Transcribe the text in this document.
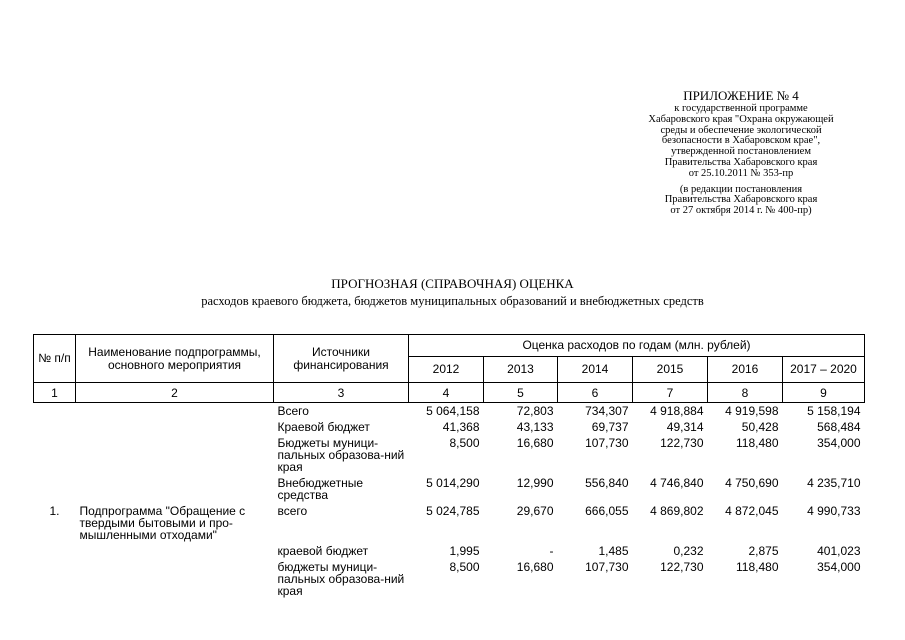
ПРИЛОЖЕНИЕ № 4
к государственной программе
Хабаровского края "Охрана окружающей
среды и обеспечение экологической
безопасности в Хабаровском крае",
утвержденной постановлением
Правительства Хабаровского края
от 25.10.2011 № 353-пр
(в редакции постановления
Правительства Хабаровского края
от 27 октября 2014 г. № 400-пр)
ПРОГНОЗНАЯ (СПРАВОЧНАЯ) ОЦЕНКА
расходов краевого бюджета, бюджетов муниципальных образований и внебюджетных средств
№ п/п	Наименование подпрограммы, основного мероприятия	Источники финансирования	Оценка расходов по годам (млн. рублей)					
			2012	2013	2014	2015	2016	2017 – 2020
1	2	3	4	5	6	7	8	9
		Всего	5 064,158	72,803	734,307	4 918,884	4 919,598	5 158,194
		Краевой бюджет	41,368	43,133	69,737	49,314	50,428	568,484
		Бюджеты муници-пальных образова-ний края	8,500	16,680	107,730	122,730	118,480	354,000
		Внебюджетные средства	5 014,290	12,990	556,840	4 746,840	4 750,690	4 235,710
1.	Подпрограмма "Обращение с твердыми бытовыми и про-мышленными отходами"	всего	5 024,785	29,670	666,055	4 869,802	4 872,045	4 990,733
		краевой бюджет	1,995	-	1,485	0,232	2,875	401,023
		бюджеты муници-пальных образова-ний края	8,500	16,680	107,730	122,730	118,480	354,000
